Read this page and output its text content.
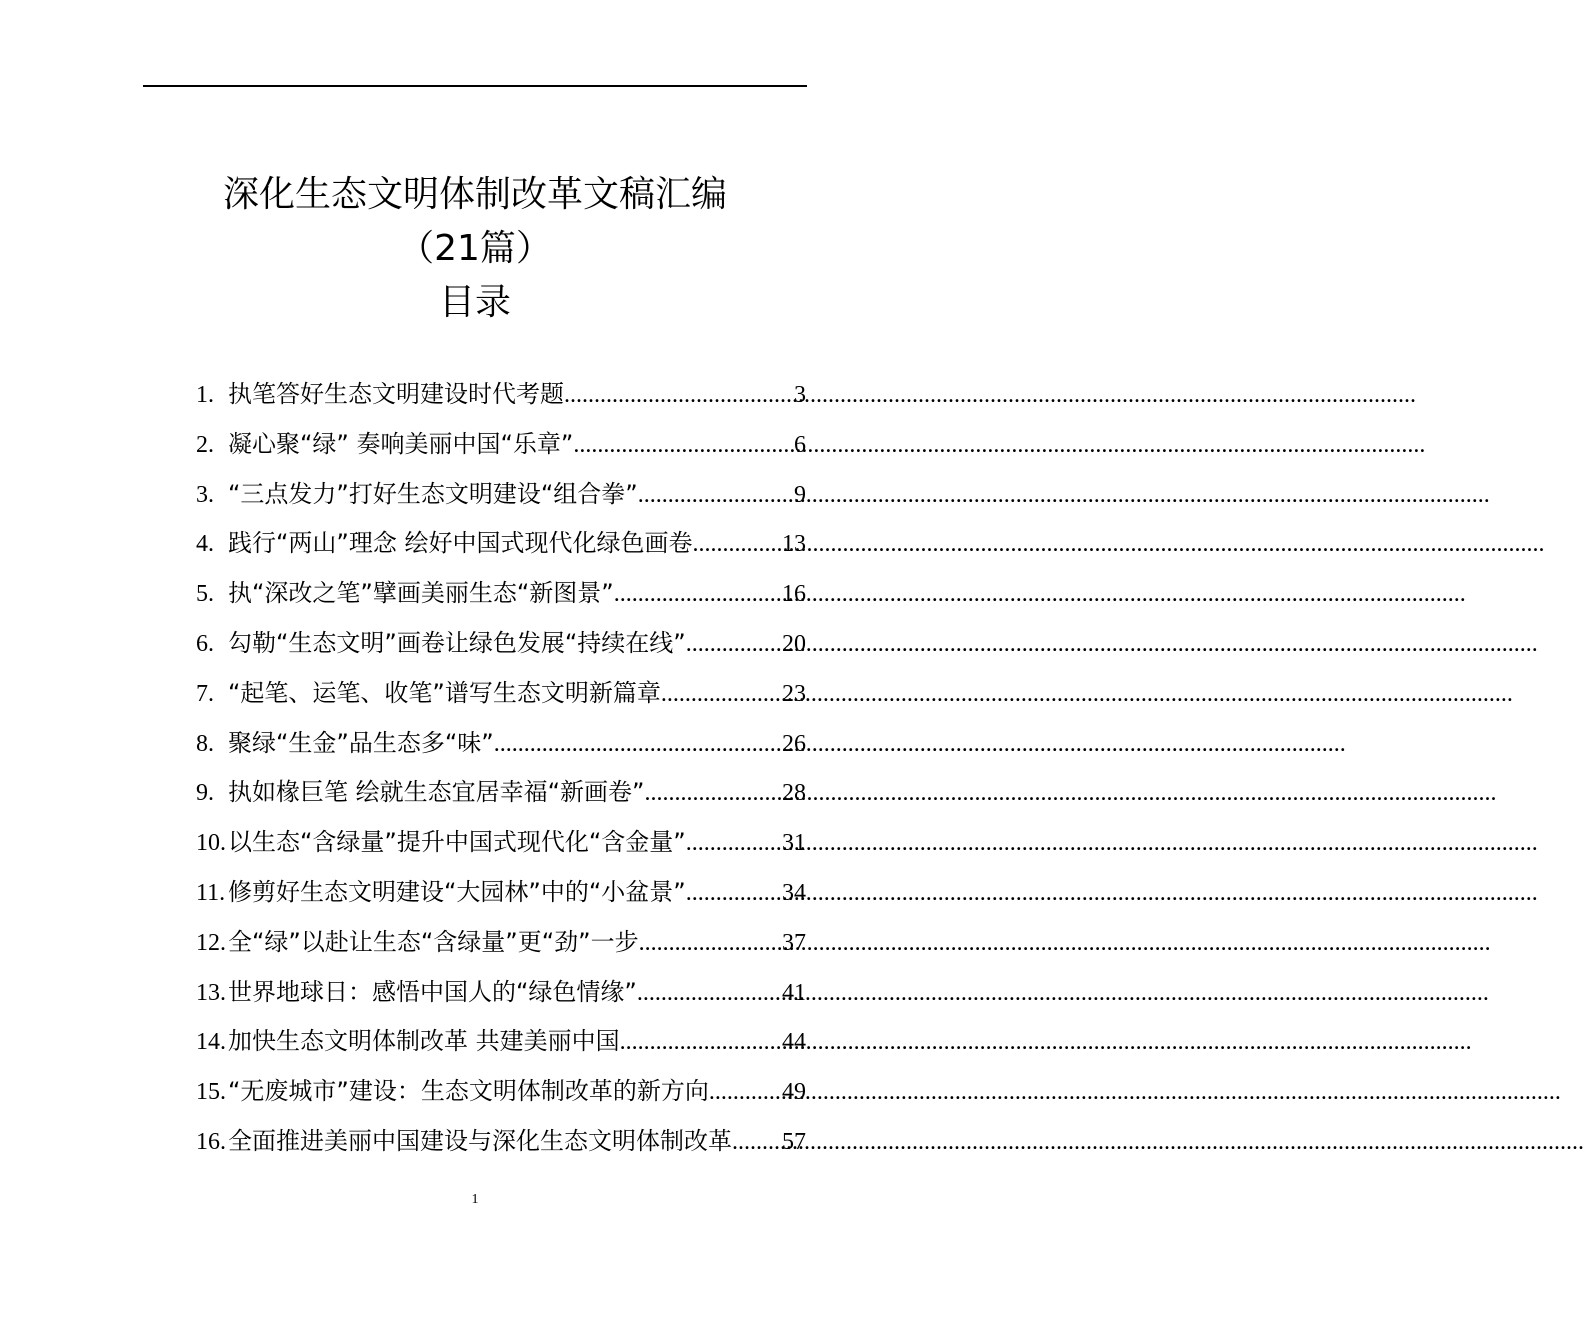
深化生态文明体制改革文稿汇编
（21篇）
目录
1. 执笔答好生态文明建设时代考题 .....	3
2. 凝心聚“绿” 奏响美丽中国“乐章” .....	6
3. “三点发力”打好生态文明建设“组合拳” .....	9
4. 践行“两山”理念 绘好中国式现代化绿色画卷 .....	13
5. 执“深改之笔”擘画美丽生态“新图景” .....	16
6. 勾勒“生态文明”画卷让绿色发展“持续在线” .....	20
7. “起笔、运笔、收笔”谱写生态文明新篇章 .....	23
8. 聚绿“生金”品生态多“味” .....	26
9. 执如椽巨笔 绘就生态宜居幸福“新画卷” .....	28
10. 以生态“含绿量”提升中国式现代化“含金量” .....	31
11. 修剪好生态文明建设“大园林”中的“小盆景” .....	34
12. 全“绿”以赴让生态“含绿量”更“劲”一步 .....	37
13. 世界地球日：感悟中国人的“绿色情缘” .....	41
14. 加快生态文明体制改革 共建美丽中国 .....	44
15. “无废城市”建设：生态文明体制改革的新方向 .....	49
16. 全面推进美丽中国建设与深化生态文明体制改革 ..... 57
1
